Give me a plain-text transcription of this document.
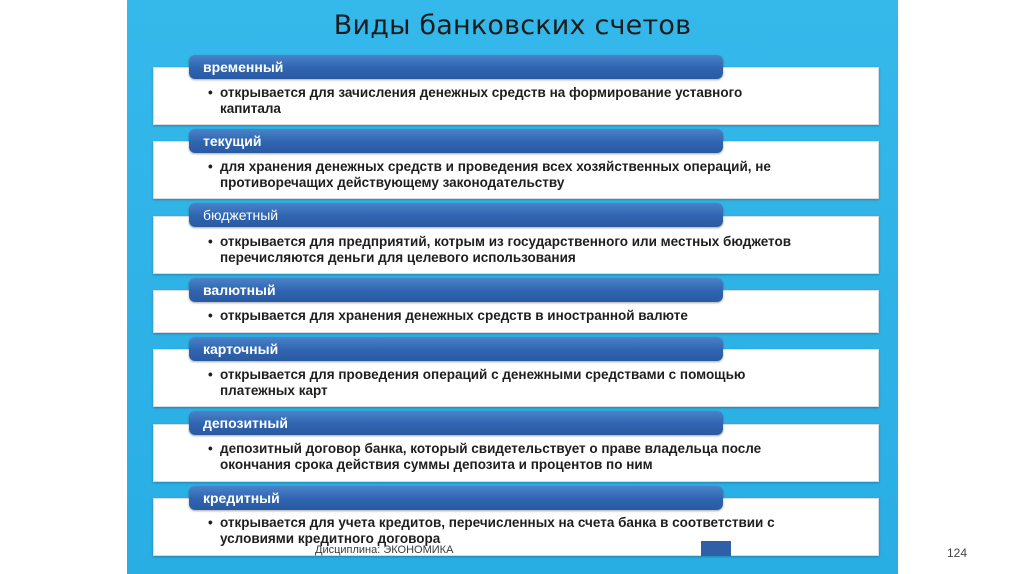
Виды банковских счетов
временный
• открывается для зачисления денежных средств на формирование уставного капитала
текущий
• для хранения денежных средств и проведения всех хозяйственных операций, не противоречащих действующему законодательству
бюджетный
• открывается для предприятий, котрым из государственного или местных бюджетов перечисляются деньги для целевого использования
валютный
• открывается для хранения денежных средств в иностранной валюте
карточный
• открывается для проведения операций с денежными средствами с помощью платежных карт
депозитный
• депозитный договор банка, который свидетельствует о праве владельца после окончания срока действия суммы депозита и процентов по ним
кредитный
• открывается для учета кредитов, перечисленных на счета банка в соответствии с условиями кредитного договора
Дисциплина: ЭКОНОМИКА	124
